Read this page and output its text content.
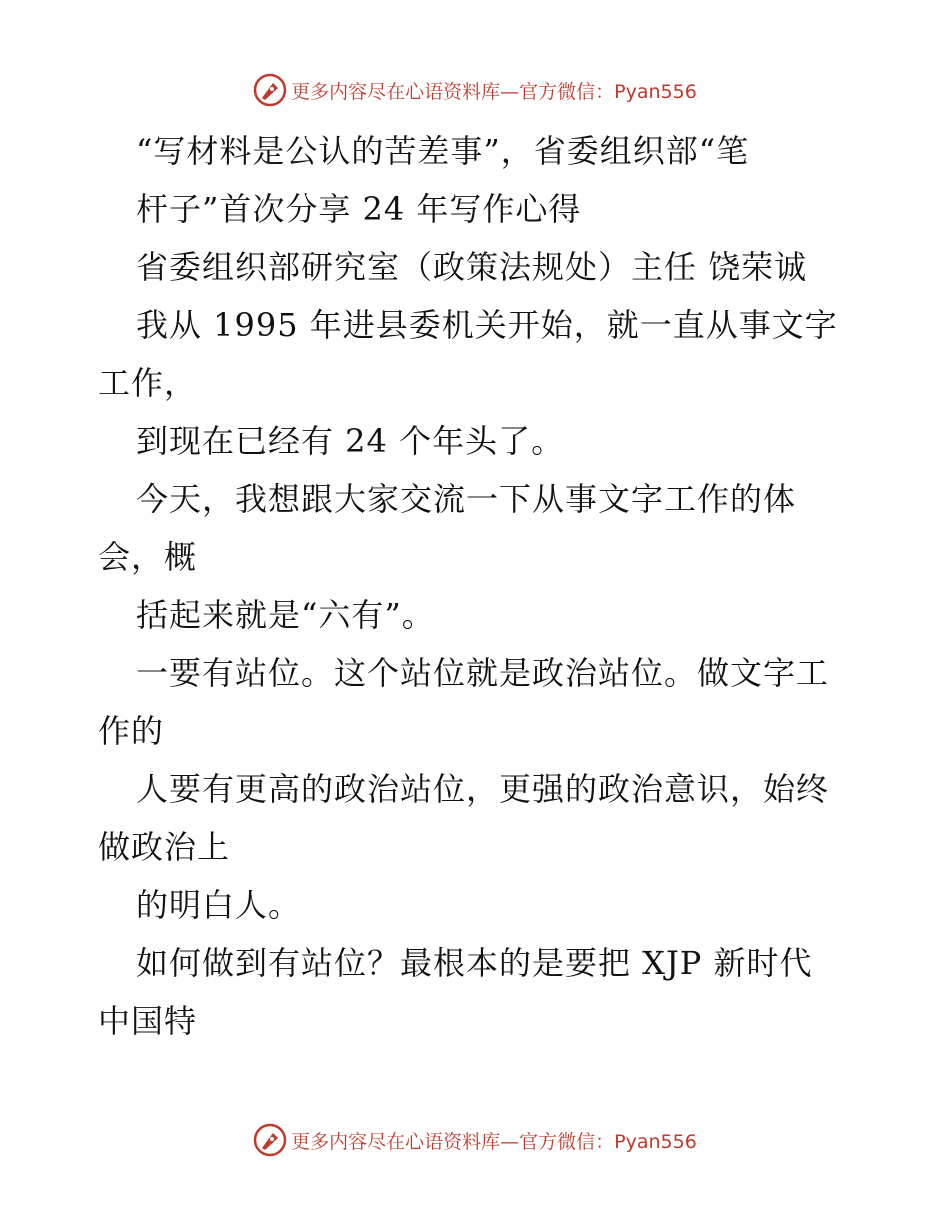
更多内容尽在心语资料库—官方微信：Pyan556
“写材料是公认的苦差事”，省委组织部“笔
杆子”首次分享 24 年写作心得
省委组织部研究室（政策法规处）主任 饶荣诚
我从 1995 年进县委机关开始，就一直从事文字
工作，
到现在已经有 24 个年头了。
今天，我想跟大家交流一下从事文字工作的体
会，概
括起来就是“六有”。
一要有站位。这个站位就是政治站位。做文字工
作的
人要有更高的政治站位，更强的政治意识，始终
做政治上
的明白人。
如何做到有站位？最根本的是要把 XJP 新时代
中国特
更多内容尽在心语资料库—官方微信：Pyan556
